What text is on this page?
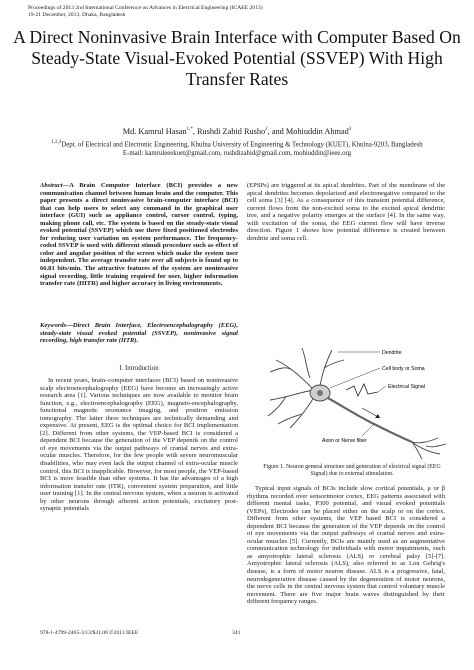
Proceedings of 2013 2nd International Conference on Advances in Electrical Engineering (ICAEE 2013)
19-21 December, 2013, Dhaka, Bangladesh
A Direct Noninvasive Brain Interface with Computer Based On Steady-State Visual-Evoked Potential (SSVEP) With High Transfer Rates
Md. Kamrul Hasan$^{1,*}$, Rushdi Zahid Rusho$^2$, and Mohiuddin Ahmad$^3$
$^{1,2,3}$Dept. of Electrical and Electronic Engineering, Khulna University of Engineering & Technology (KUET), Khulna-9203, Bangladesh
E-mail: kamruleeekuet@gmail.com, rushdizahid@gmail.com, mohiuddin@ieee.org
Abstract—A Brain Computer Interface (BCI) provides a new communication channel between human brain and the computer. This paper presents a direct noninvasive brain-computer interface (BCI) that can help users to select any command in the graphical user interface (GUI) such as appliance control, cursor control, typing, making phone call, etc. The system is based on the steady-state visual evoked potential (SSVEP) which use three fixed positioned electrodes for reducing user variation on system performance. The frequency-coded SSVEP is used with different stimuli procedure such as effect of color and angular position of the screen which make the system user independent. The average transfer rate over all subjects is found up to 66.81 bits/min. The attractive features of the system are noninvasive signal recording, little training required for user, higher information transfer rate (HITR) and higher accuracy in living environments.
Keywords—Direct Brain Interface, Electroencephalography (EEG), steady-state visual evoked potential (SSVEP), noninvasive signal recording, high transfer rate (HTR).
I. Introduction

In recent years, brain–computer interfaces (BCI) based on noninvasive scalp electroencephalography (EEG) have become an increasingly active research area [1]. Various techniques are now available to monitor brain function, e.g., electroencephalography (EEG), magneto-encephalography, functional magnetic resonance imaging, and positron emission tomography. The latter three techniques are technically demanding and expensive. At present, EEG is the optimal choice for BCI implementation [2]. Different from other systems, the VEP-based BCI is considered a dependent BCI because the generation of the VEP depends on the control of eye movements via the output pathways of cranial nerves and extra-ocular muscles. Therefore, for the few people with severe neuromuscular disabilities, who may even lack the output channel of extra-ocular muscle control, this BCI is inapplicable. However, for most people, the VEP-based BCI is more feasible than other systems. It has the advantages of a high information transfer rate (ITR), convenient system preparation, and little user training [1]. In the central nervous system, when a neuron is activated by other neurons through afferent action potentials, excitatory post-synaptic potentials

(EPSPs) are triggered at its apical dendrites. Part of the membrane of the apical dendrites becomes depolarized and electronegative compared to the cell soma [3] [4]. As a consequence of this transient potential difference, current flows from the non-excited soma to the excited apical dendritic tree, and a negative polarity emerges at the surface [4]. In the same way, with excitation of the soma, the EEG current flow will have inverse direction. Figure 1 shows how potential difference is created between dendrite and soma cell.

Dendrite
Cell body or Soma
Electrical Signal
Axon or Nerve fiber
Figure 1. Neuron general structure and generation of electrical signal (EEG Signal) due to external stimulation.

Typical input signals of BCIs include slow cortical potentials, μ or β rhythms recorded over sensorimotor cortex, EEG patterns associated with different mental tasks, P300 potential, and visual evoked potentials (VEPs), Electrodes can be placed either on the scalp or on the cortex. Different from other systems, the VEP based BCI is considered a dependent BCI because the generation of the VEP depends on the control of eye movements via the output pathways of cranial nerves and extra-ocular muscles [5]. Currently, BCIs are mainly used as an augmentative communication technology for individuals with motor impairments, such as amyotrophic lateral sclerosis (ALS) or cerebral palsy [5]-[7]. Amyotrophic lateral sclerosis (ALS), also referred to as Lou Gehrig's disease, is a form of motor neuron disease. ALS is a progressive, fatal, neurodegenerative disease caused by the degeneration of motor neurons, the nerve cells in the central nervous system that control voluntary muscle movement. There are five major brain waves distinguished by their different frequency ranges.

978-1-4799-2465-3/13/$31.00 ©2013 IEEE	341
